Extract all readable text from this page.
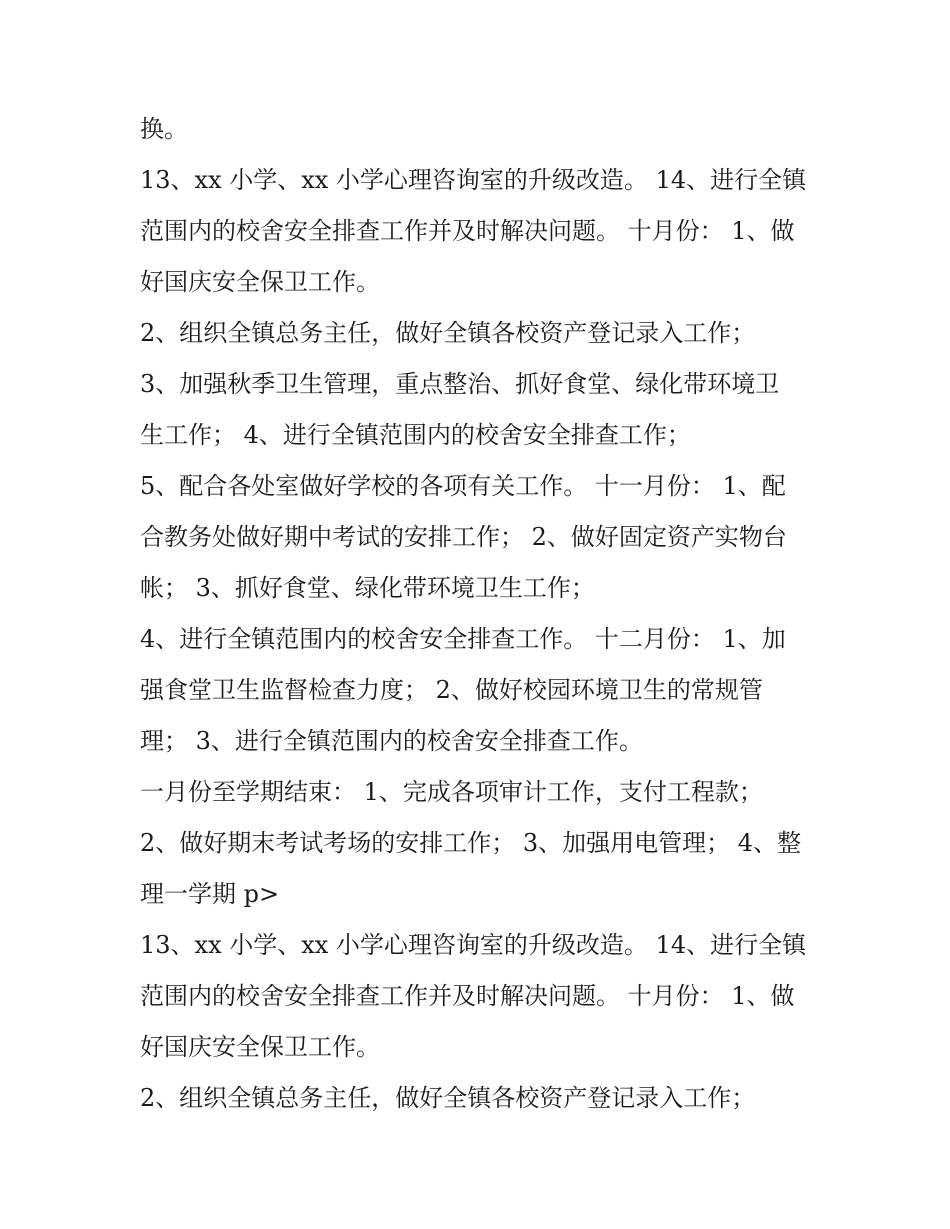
换。

13、xx 小学、xx 小学心理咨询室的升级改造。 14、进行全镇

范围内的校舍安全排查工作并及时解决问题。 十月份： 1、做

好国庆安全保卫工作。

2、组织全镇总务主任，做好全镇各校资产登记录入工作；

3、加强秋季卫生管理，重点整治、抓好食堂、绿化带环境卫

生工作； 4、进行全镇范围内的校舍安全排查工作；

5、配合各处室做好学校的各项有关工作。 十一月份： 1、配

合教务处做好期中考试的安排工作； 2、做好固定资产实物台

帐； 3、抓好食堂、绿化带环境卫生工作；

4、进行全镇范围内的校舍安全排查工作。 十二月份： 1、加

强食堂卫生监督检查力度； 2、做好校园环境卫生的常规管

理； 3、进行全镇范围内的校舍安全排查工作。

一月份至学期结束： 1、完成各项审计工作，支付工程款；

2、做好期末考试考场的安排工作； 3、加强用电管理； 4、整

理一学期 p>

13、xx 小学、xx 小学心理咨询室的升级改造。 14、进行全镇

范围内的校舍安全排查工作并及时解决问题。 十月份： 1、做

好国庆安全保卫工作。

2、组织全镇总务主任，做好全镇各校资产登记录入工作；
